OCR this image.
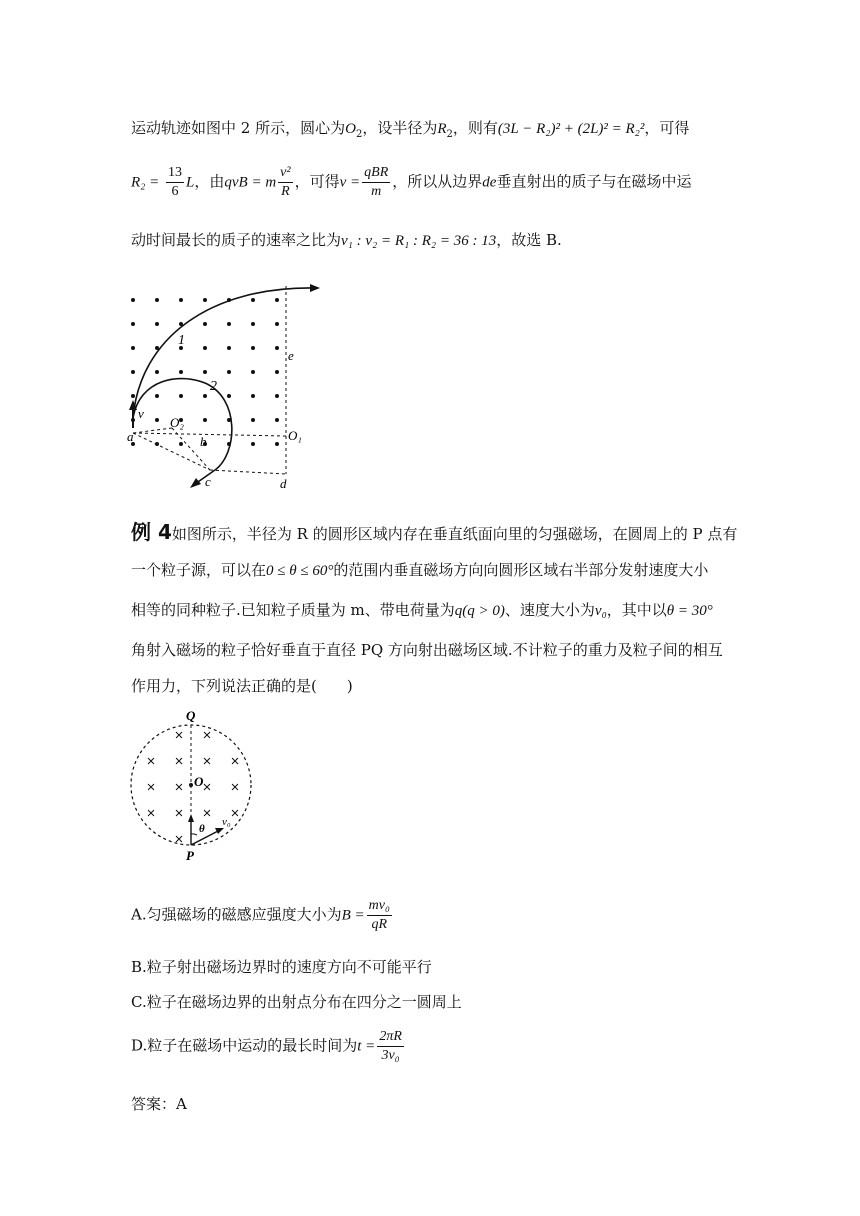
运动轨迹如图中 2 所示，圆心为$O_2$，设半径为$R_2$，则有(3L − R₂)² + (2L)² = R₂²，可得
$R_2 = \frac{13}{6}$ L，由qvB = m $\frac{\text{v²}}{R}$ ，可得$v = \frac{\text{qBR}}{m}$ ，所以从边界de垂直射出的质子与在磁场中运
动时间最长的质子的速率之比为v₁ : v₂ = R₁ : R₂ = 36 : 13，故选 B.
v
a
O₂
b
c	d
e
O₁
1
2
例 4如图所示，半径为 R 的圆形区域内存在垂直纸面向里的匀强磁场，在圆周上的 P 点有
一个粒子源，可以在0 ≤ θ ≤ 60°的范围内垂直磁场方向向圆形区域右半部分发射速度大小
相等的同种粒子.已知粒子质量为 m、带电荷量为q(q > 0)、速度大小为v₀，其中以θ = 30°
角射入磁场的粒子恰好垂直于直径 PQ 方向射出磁场区域.不计粒子的重力及粒子间的相互
作用力，下列说法正确的是(　　)
Q
O
P
θ
v₀
A.匀强磁场的磁感应强度大小为$B = \frac{\text{mv₀}}{qR}$
B.粒子射出磁场边界时的速度方向不可能平行
C.粒子在磁场边界的出射点分布在四分之一圆周上
D.粒子在磁场中运动的最长时间为$t = \frac{2\pi R}{\text{3v₀}}$
答案：A
